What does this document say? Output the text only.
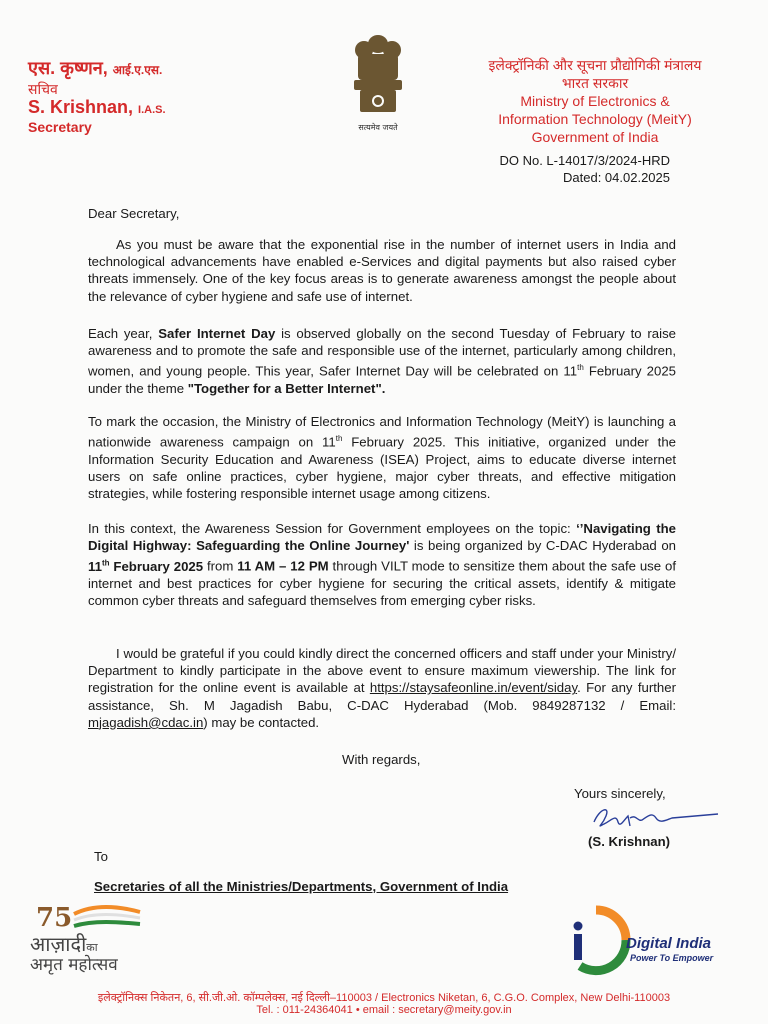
एस. कृष्णन, आई.ए.एस.
सचिव
S. Krishnan, I.A.S.
Secretary	सत्यमेव जयते
इलेक्ट्रॉनिकी और सूचना प्रौद्योगिकी मंत्रालय
भारत सरकार
Ministry of Electronics &
Information Technology (MeitY)
Government of India
DO No. L-14017/3/2024-HRD
Dated: 04.02.2025
Dear Secretary,

As you must be aware that the exponential rise in the number of internet users in India and technological advancements have enabled e-Services and digital payments but also raised cyber threats immensely. One of the key focus areas is to generate awareness amongst the people about the relevance of cyber hygiene and safe use of internet.

Each year, Safer Internet Day is observed globally on the second Tuesday of February to raise awareness and to promote the safe and responsible use of the internet, particularly among children, women, and young people. This year, Safer Internet Day will be celebrated on 11th February 2025 under the theme "Together for a Better Internet".

To mark the occasion, the Ministry of Electronics and Information Technology (MeitY) is launching a nationwide awareness campaign on 11th February 2025. This initiative, organized under the Information Security Education and Awareness (ISEA) Project, aims to educate diverse internet users on safe online practices, cyber hygiene, major cyber threats, and effective mitigation strategies, while fostering responsible internet usage among citizens.

In this context, the Awareness Session for Government employees on the topic: ‘’Navigating the Digital Highway: Safeguarding the Online Journey' is being organized by C-DAC Hyderabad on 11th February 2025 from 11 AM – 12 PM through VILT mode to sensitize them about the safe use of internet and best practices for cyber hygiene for securing the critical assets, identify & mitigate common cyber threats and safeguard themselves from emerging cyber risks.

I would be grateful if you could kindly direct the concerned officers and staff under your Ministry/ Department to kindly participate in the above event to ensure maximum viewership. The link for registration for the online event is available at https://staysafeonline.in/event/siday. For any further assistance, Sh. M Jagadish Babu, C-DAC Hyderabad (Mob. 9849287132 / Email: mjagadish@cdac.in) may be contacted.

With regards,
Yours sincerely,
(S. Krishnan)
To
Secretaries of all the Ministries/Departments, Government of India
75
आज़ादीका
अमृत महोत्सव
Digital India
Power To Empower
इलेक्ट्रॉनिक्स निकेतन, 6, सी.जी.ओ. कॉम्पलेक्स, नई दिल्ली–110003 / Electronics Niketan, 6, C.G.O. Complex, New Delhi-110003
Tel. : 011-24364041 • email : secretary@meity.gov.in
